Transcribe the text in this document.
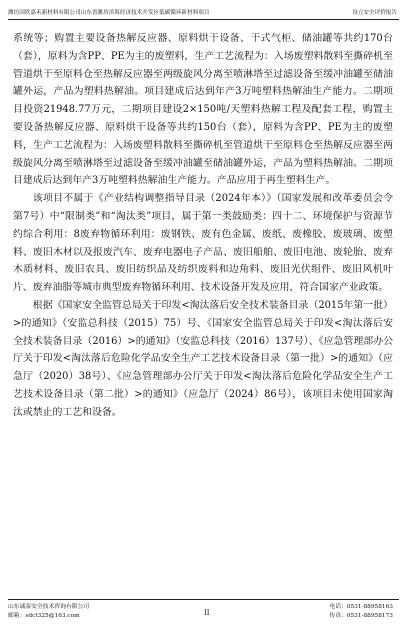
潍坊国欣嘉禾新材料有限公司山东省潍坊滨海经济技术开发区低碳循环新材料项目	设立安全评价报告

系统等；购置主要设备热解反应器、原料烘干设备、干式气柜、储油罐等共约170台（套），原料为含PP、PE为主的废塑料，生产工艺流程为：入场废塑料散料至撕碎机至管道烘干至原料仓至热解反应器至两级旋风分离至喷淋塔至过滤设备至缓冲油罐至储油罐外运，产品为塑料热解油。项目建成后达到年产3万吨塑料热解油生产能力。二期项目投资21948.77万元，二期项目建设2×150吨/天塑料热解工程及配套工程，购置主要设备热解反应器、原料烘干设备等共约150台（套），原料为含PP、PE为主的废塑料，生产工艺流程为：入场废塑料散料至撕碎机至管道烘干至原料仓至热解反应器至两级旋风分离至喷淋塔至过滤设备至缓冲油罐至储油罐外运，产品为塑料热解油。二期项目建成后达到年产3万吨塑料热解油生产能力。产品应用于再生塑料生产。

该项目不属于《产业结构调整指导目录（2024年本）》（国家发展和改革委员会令第7号）中“限制类”和“淘汰类”项目，属于第一类鼓励类：四十二、环境保护与资源节约综合利用：8废弃物循环利用：废钢铁、废有色金属、废纸、废橡胶、废玻璃、废塑料、废旧木材以及报废汽车、废弃电器电子产品、废旧船舶、废旧电池、废轮胎、废弃木质材料、废旧农具、废旧纺织品及纺织废料和边角料、废旧光伏组件、废旧风机叶片、废弃油脂等城市典型废弃物循环利用、技术设备开发及应用，符合国家产业政策。

根据《国家安全监管总局关于印发<淘汰落后安全技术装备目录（2015年第一批）>的通知》（安监总科技（2015）75）号、《国家安全监管总局关于印发<淘汰落后安全技术装备目录（2016）>的通知》（安监总科技（2016）137号）、《应急管理部办公厅关于印发<淘汰落后危险化学品安全生产工艺技术设备目录（第一批）>的通知》（应急厅（2020）38号）、《应急管理部办公厅关于印发<淘汰落后危险化学品安全生产工艺技术设备目录（第二批）>的通知》（应急厅（2024）86号），该项目未使用国家淘汰或禁止的工艺和设备。

山东诚泰安全技术咨询有限公司
邮箱：sdct325@163.com	II
电话：0531-88958163
传真：0531-88958173
